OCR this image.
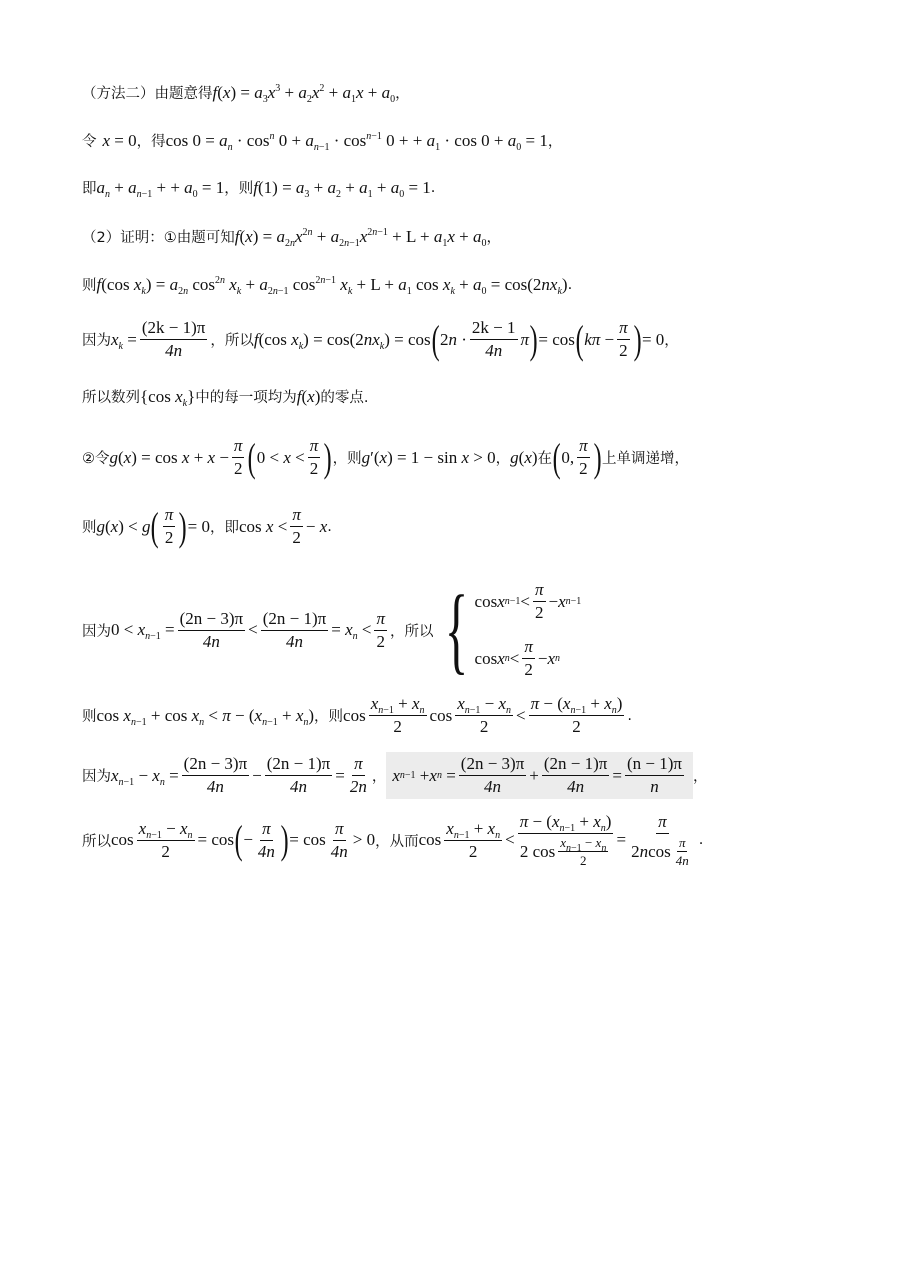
（方法二）由题意得 $f(x) = a_3x^3 + a_2x^2 + a_1x + a_0$ ，
令 x = 0 ，得 $\cos 0 = a_n \cdot \cos^n 0 + a_{n-1} \cdot \cos^{n-1} 0$ + + $a_1 \cdot \cos 0 + a_0 = 1$ ，
即 $a_n + a_{n-1}$ + + $a_0 = 1$ ，则 $f(1) = a_3 + a_2 + a_1 + a_0 = 1$ .
（2）证明：①由题可知 $f(x) = a_{2n}x^{2n} + a_{2n-1}x^{2n-1} + L + a_1x + a_0$ ，
则 f(cos $x_k) = a_{2n}$ $\cos^{2n} x_k + a_{2n-1}$ $\cos^{2n-1} x_k + L + a_1$ $\cos x_k + a_0 = \cos(2nx_k)$ .
因为 $x_k = \frac{(2k - 1)\pi}{4n}$ ，所以 f(cos $x_k) = \cos(2nx_k) = \cos$ ( $2n \cdot \frac{2k - 1}{4n}$ π ) = cos ( $k\pi - \frac{\pi}{2}$ ) = 0 ，
所以数列 {cos $x_k$} 中的每一项均为 f(x) 的零点.
②令 $g(x) = \cos x + x - \frac{\pi}{2}$ ( $0 < x < \frac{\pi}{2}$ ) ，则 g′(x) = 1 − sin x > 0 ， g(x) 在 ( 0, $\frac{\pi}{2}$ ) 上单调递增，
则 g(x) < g ( $\frac{\pi}{2}$ ) = 0 ，即 $\cos x < \frac{\pi}{2} - x$ .
因为 $0 < x_{n-1} = \frac{(2n - 3)\pi}{4n} < \frac{(2n - 1)\pi}{4n} = x_n < \frac{\pi}{2}$ ，所以 { cos x $n-1 < \frac{\pi}{2} - x$ n−1
cos x $n < \frac{\pi}{2} - x$ n
则 $\cos x_{n-1} + \cos x_n < \pi - (x_{n-1} + x_n)$ ，则 $\cos \frac{x_{n-1} + x_n}{2}$ $\cos \frac{x_{n-1} - x_n}{2} < \frac{\pi - (x_{n-1} + x_n)}{2}$ .
因为 $x_{n-1} - x_n = \frac{(2n - 3)\pi}{4n} - \frac{(2n - 1)\pi}{4n} = \frac{\pi}{2n}$ ， x n−1 + x $n = \frac{(2n - 3)\pi}{4n} + \frac{(2n - 1)\pi}{4n} = \frac{(n - 1)\pi}{n}$ ，
所以 $\cos \frac{x_{n-1} - x_n}{2} = \cos$ ( − $\frac{\pi}{4n}$ ) = $\cos \frac{\pi}{4n} > 0$ ，从而 $\cos \frac{x_{n-1} + x_n}{2} < \frac{\pi - (x_{n-1} + x_n)}{2 \cos \frac{x_{n-1} - x_n}{2}} = \frac{\pi}{2 n \cos \frac{\pi}{4n}}$ .
